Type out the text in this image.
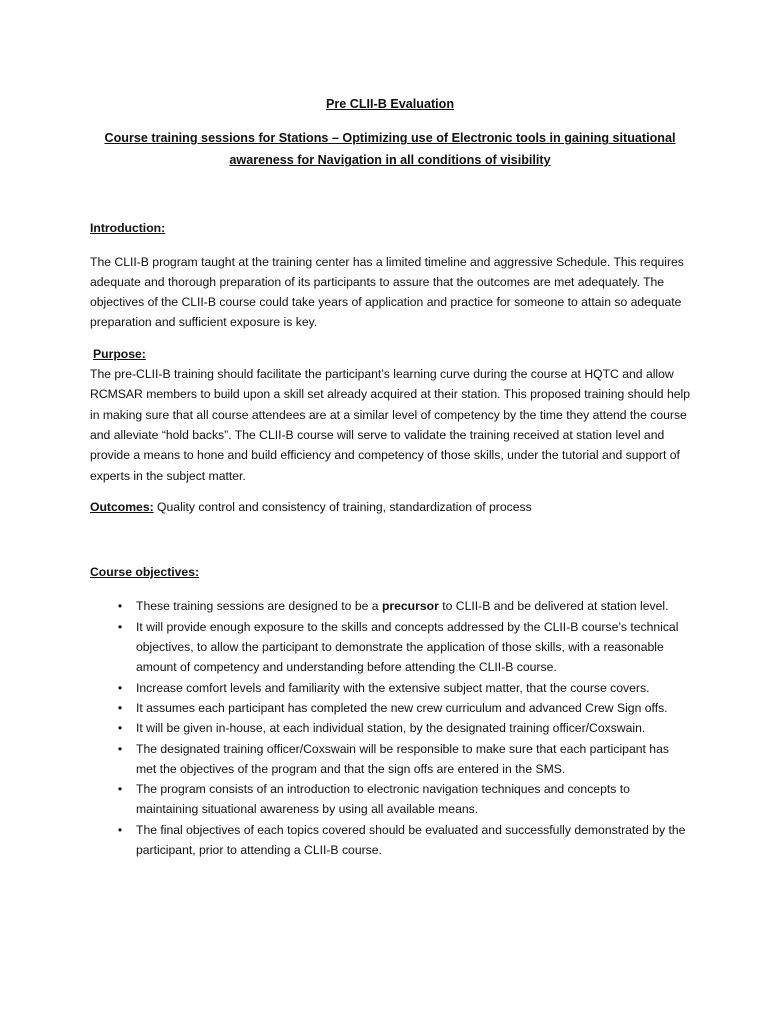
Pre CLII-B Evaluation

Course training sessions for Stations – Optimizing use of Electronic tools in gaining situational awareness for Navigation in all conditions of visibility

Introduction:

The CLII-B program taught at the training center has a limited timeline and aggressive Schedule. This requires adequate and thorough preparation of its participants to assure that the outcomes are met adequately. The objectives of the CLII-B course could take years of application and practice for someone to attain so adequate preparation and sufficient exposure is key.

Purpose:

The pre-CLII-B training should facilitate the participant’s learning curve during the course at HQTC and allow RCMSAR members to build upon a skill set already acquired at their station. This proposed training should help in making sure that all course attendees are at a similar level of competency by the time they attend the course and alleviate “hold backs”. The CLII-B course will serve to validate the training received at station level and provide a means to hone and build efficiency and competency of those skills, under the tutorial and support of experts in the subject matter.

Outcomes: Quality control and consistency of training, standardization of process

Course objectives:

• These training sessions are designed to be a precursor to CLII-B and be delivered at station level.
• It will provide enough exposure to the skills and concepts addressed by the CLII-B course’s technical objectives, to allow the participant to demonstrate the application of those skills, with a reasonable amount of competency and understanding before attending the CLII-B course.
• Increase comfort levels and familiarity with the extensive subject matter, that the course covers.
• It assumes each participant has completed the new crew curriculum and advanced Crew Sign offs.
• It will be given in-house, at each individual station, by the designated training officer/Coxswain.
• The designated training officer/Coxswain will be responsible to make sure that each participant has met the objectives of the program and that the sign offs are entered in the SMS.
• The program consists of an introduction to electronic navigation techniques and concepts to maintaining situational awareness by using all available means.
• The final objectives of each topics covered should be evaluated and successfully demonstrated by the participant, prior to attending a CLII-B course.
